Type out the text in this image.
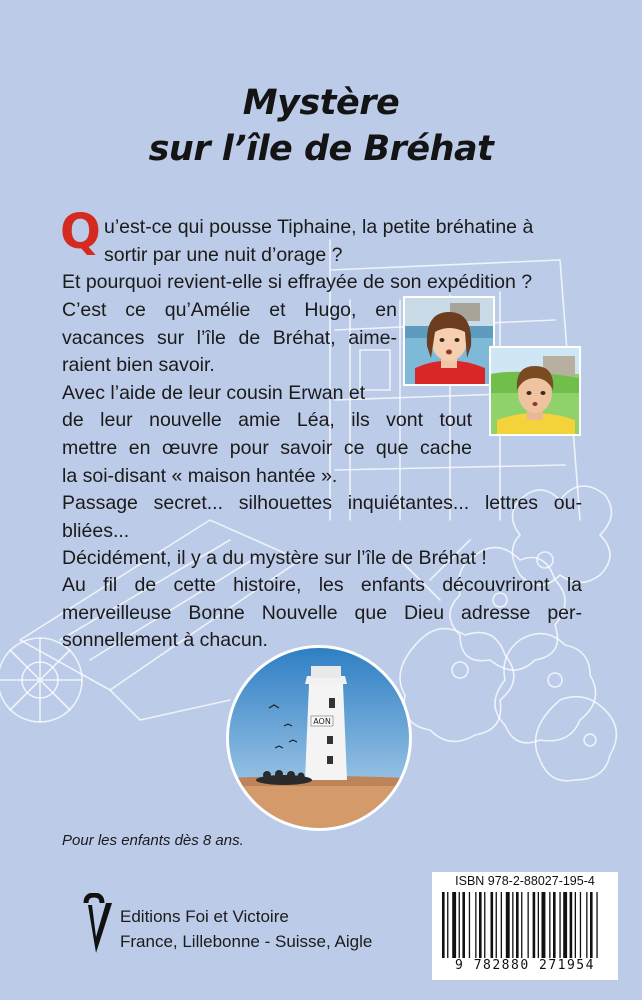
Mystère
sur l’île de Bréhat
Q u’est-ce qui pousse Tiphaine, la petite bréhatine à
sortir par une nuit d’orage ?
Et pourquoi revient-elle si effrayée de son expédition ?
C’est ce qu’Amélie et Hugo, en
vacances sur l’île de Bréhat, aime-
raient bien savoir.
Avec l’aide de leur cousin Erwan et
de leur nouvelle amie Léa, ils vont tout
mettre en œuvre pour savoir ce que cache
la soi-disant « maison hantée ».
Passage secret... silhouettes inquiétantes... lettres ou-
bliées...
Décidément, il y a du mystère sur l’île de Bréhat !
Au fil de cette histoire, les enfants découvriront la
merveilleuse Bonne Nouvelle que Dieu adresse per-
sonnellement à chacun.
AON
Pour les enfants dès 8 ans.
Editions Foi et Victoire
France, Lillebonne - Suisse, Aigle
ISBN 978-2-88027-195-4
9 782880 271954
